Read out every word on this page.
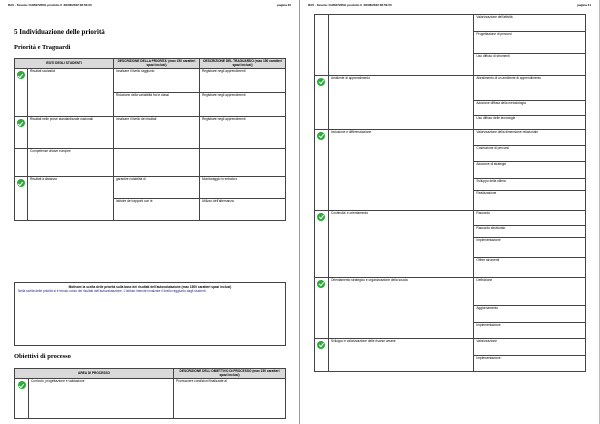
RAV - Scuola: CHIS07200G prodotto il :30/06/2022 08:53:00	pagina 40
5 Individuazione delle priorità
Priorità e Traguardi
ESITI DEGLI STUDENTI		DESCRIZIONE DELLA PRIORITA' (max 150 caratteri spazi inclusi)	DESCRIZIONE DEL TRAGUARDO (max 150 caratteri spazi inclusi)
	Risultati scolastici	Innalzare il livello raggiunto	Registrare negli apprendimenti
		Riduzione della variabilità fra le classi	Registrare negli apprendimenti
	Risultati nelle prove standardizzate nazionali	Innalzare il livello dei risultati	Registrare negli apprendimenti
	Competenze chiave europee		
	Risultati a distanza	garantire notabilità di	Monitoraggio in entrata e
		Istituire dei rapporti con le	Utilizzo dell'alternanza
Motivare la scelta delle priorità sulla base dei risultati dell'autovalutazione (max 1500 caratteri spazi inclusi)
Nella scelta delle priorità si è tenuto conto dei risultati dell'autovalutazione. L'istituto intende innalzare il livello raggiunto dagli studenti.
Obiettivi di processo
AREA DI PROCESSO		DESCRIZIONE DELL'OBIETTIVO DI PROCESSO (max 150 caratteri spazi inclusi)
	Curricolo, progettazione e valutazione	Promuovere condizioni finalizzate al
RAV - Scuola: CHIS07200G prodotto il :30/06/2022 08:53:00	pagina 41
		Valorizzazione dell'attività
		Progettazione di percorsi
		Uso diffuso di strumenti
	Ambiente di apprendimento	Allestimento di un ambiente di apprendimento
		Adozione diffusa della metodologia
		Uso diffuso delle tecnologie
	Inclusione e differenziazione	Valorizzazione della dimensione relazionale
		Costruzione di percorsi
		Adozione di strategie
		Sviluppo della ultima
		Realizzazione
	Continuita' e orientamento	Raccordo
		Raccordo strutturato
		Implementazione
		Offrire strumenti
	Orientamento strategico e organizzazione della scuola	Definizione
		Aggiornamento
		Implementazione
	Sviluppo e valorizzazione delle risorse umane	Valorizzazione
		Implementazione
